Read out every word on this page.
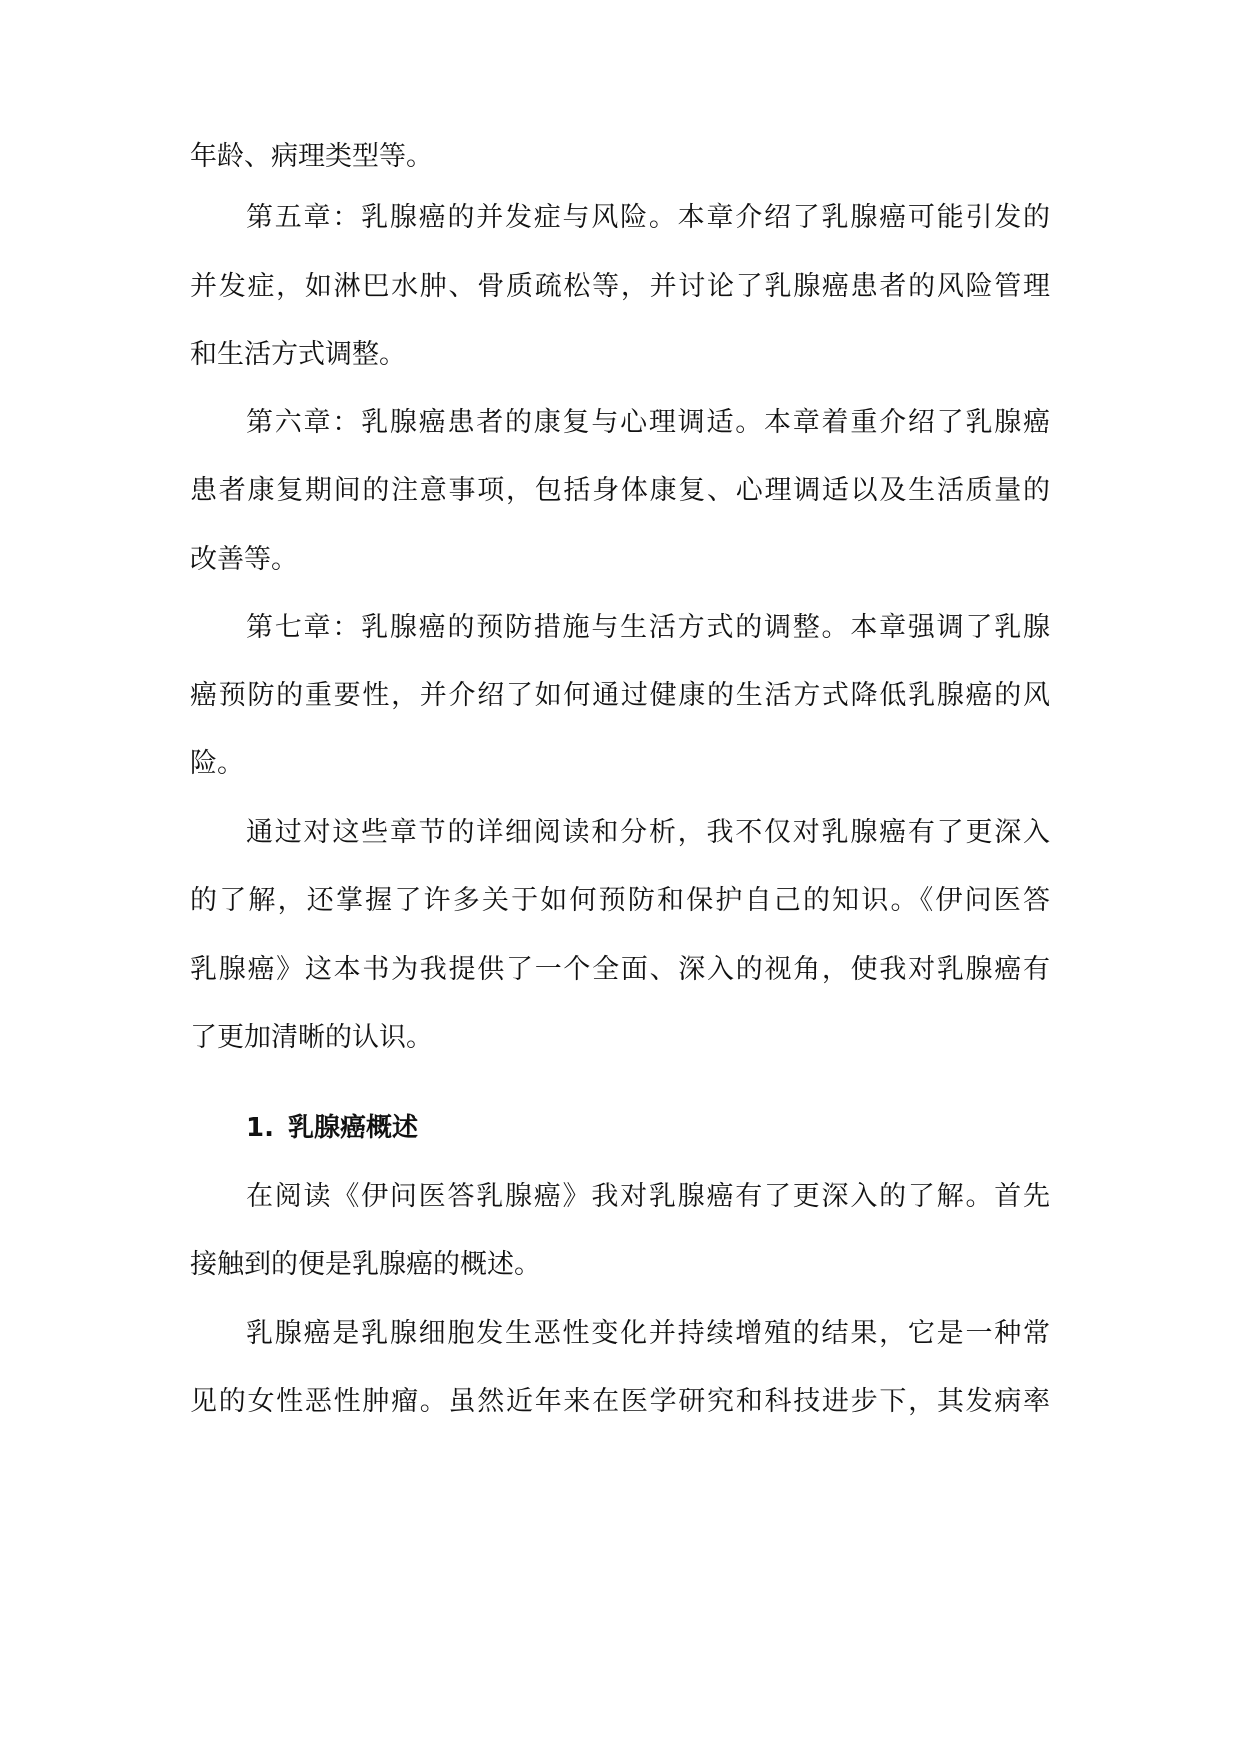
年龄、病理类型等。
第五章：乳腺癌的并发症与风险。本章介绍了乳腺癌可能引发的
并发症，如淋巴水肿、骨质疏松等，并讨论了乳腺癌患者的风险管理
和生活方式调整。
第六章：乳腺癌患者的康复与心理调适。本章着重介绍了乳腺癌
患者康复期间的注意事项，包括身体康复、心理调适以及生活质量的
改善等。
第七章：乳腺癌的预防措施与生活方式的调整。本章强调了乳腺
癌预防的重要性，并介绍了如何通过健康的生活方式降低乳腺癌的风
险。
通过对这些章节的详细阅读和分析，我不仅对乳腺癌有了更深入
的了解，还掌握了许多关于如何预防和保护自己的知识。《伊问医答
乳腺癌》这本书为我提供了一个全面、深入的视角，使我对乳腺癌有
了更加清晰的认识。
1. 乳腺癌概述
在阅读《伊问医答乳腺癌》我对乳腺癌有了更深入的了解。首先
接触到的便是乳腺癌的概述。
乳腺癌是乳腺细胞发生恶性变化并持续增殖的结果，它是一种常
见的女性恶性肿瘤。虽然近年来在医学研究和科技进步下，其发病率
